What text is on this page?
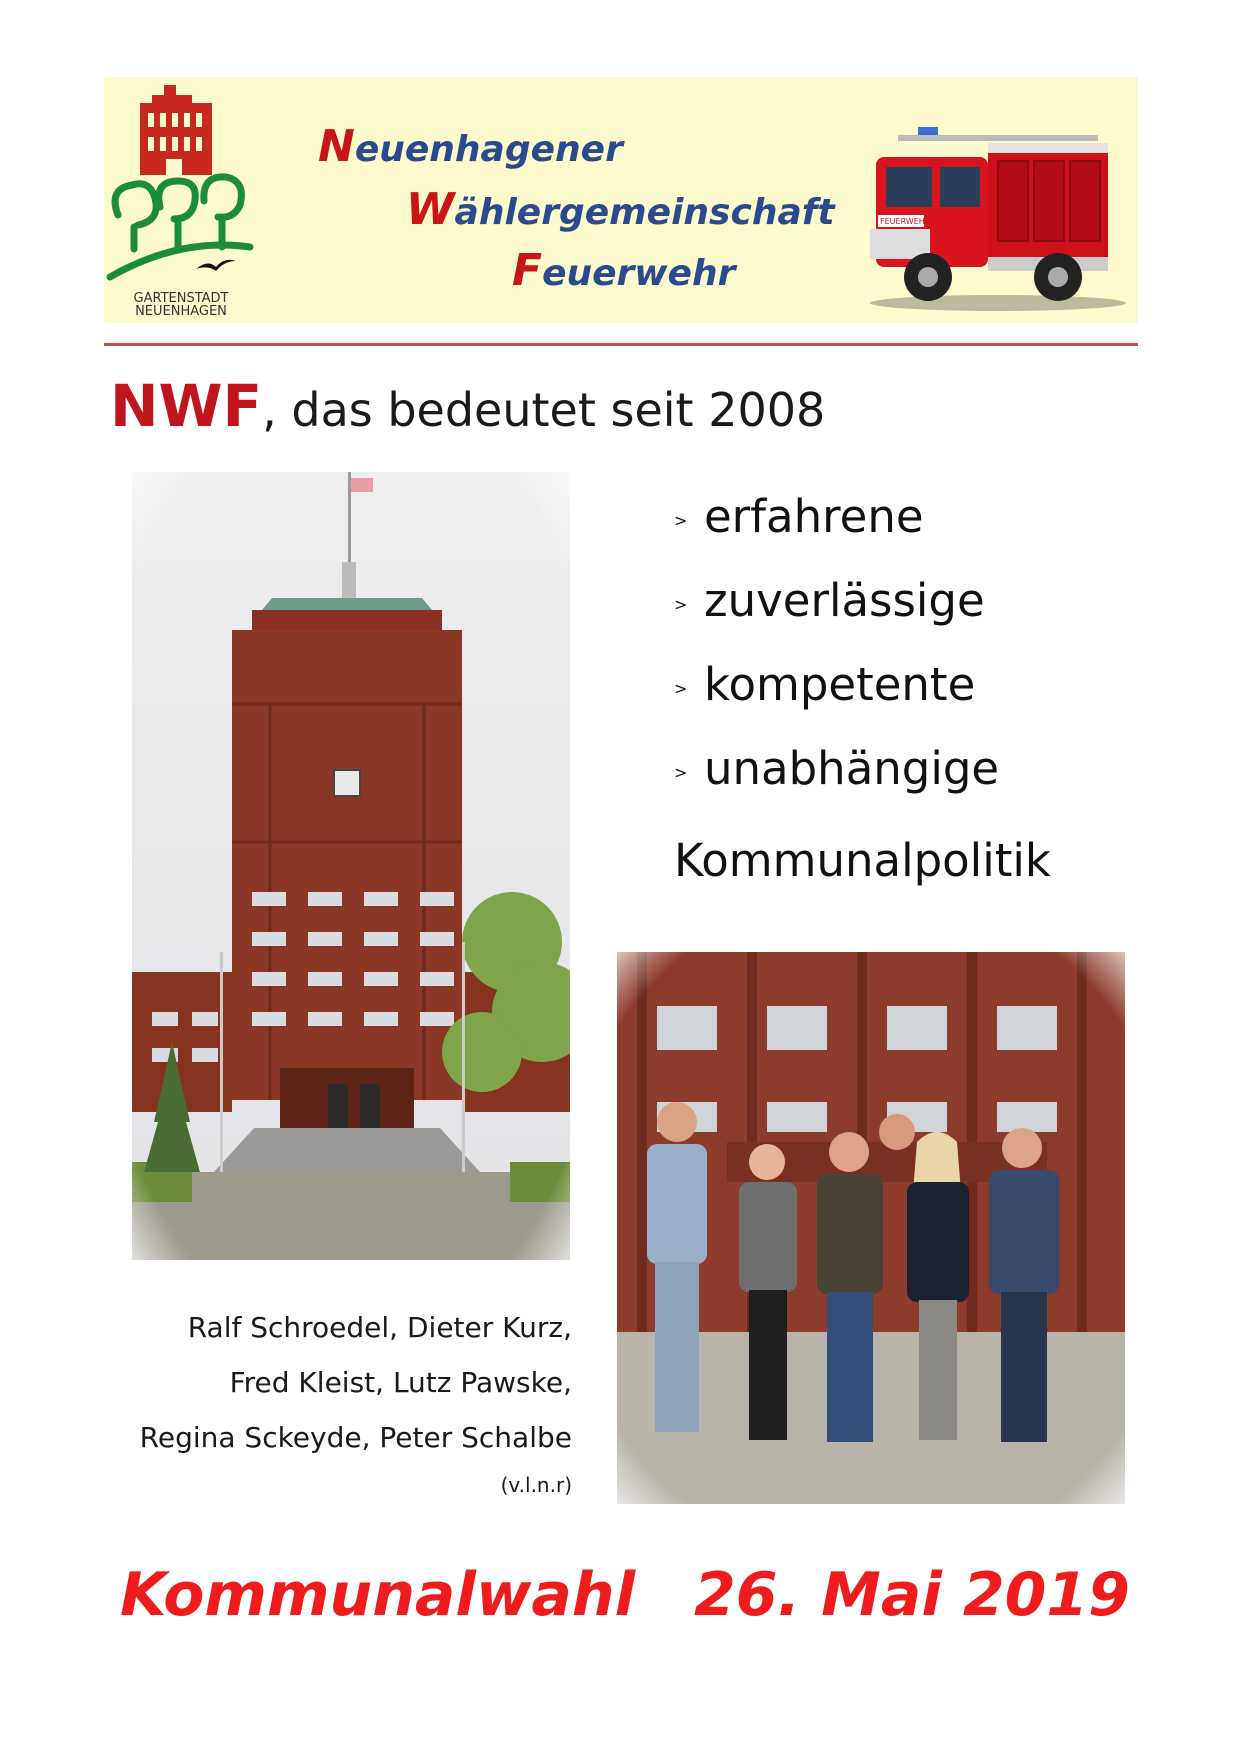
GARTENSTADT
NEUENHAGEN
Neuenhagener
Wählergemeinschaft
Feuerwehr
FEUERWEHR
NWF, das bedeutet seit 2008
> erfahrene
> zuverlässige
> kompetente
> unabhängige
Kommunalpolitik
Ralf Schroedel, Dieter Kurz,
Fred Kleist, Lutz Pawske,
Regina Sckeyde, Peter Schalbe
(v.l.n.r)
Kommunalwahl 26. Mai 2019
